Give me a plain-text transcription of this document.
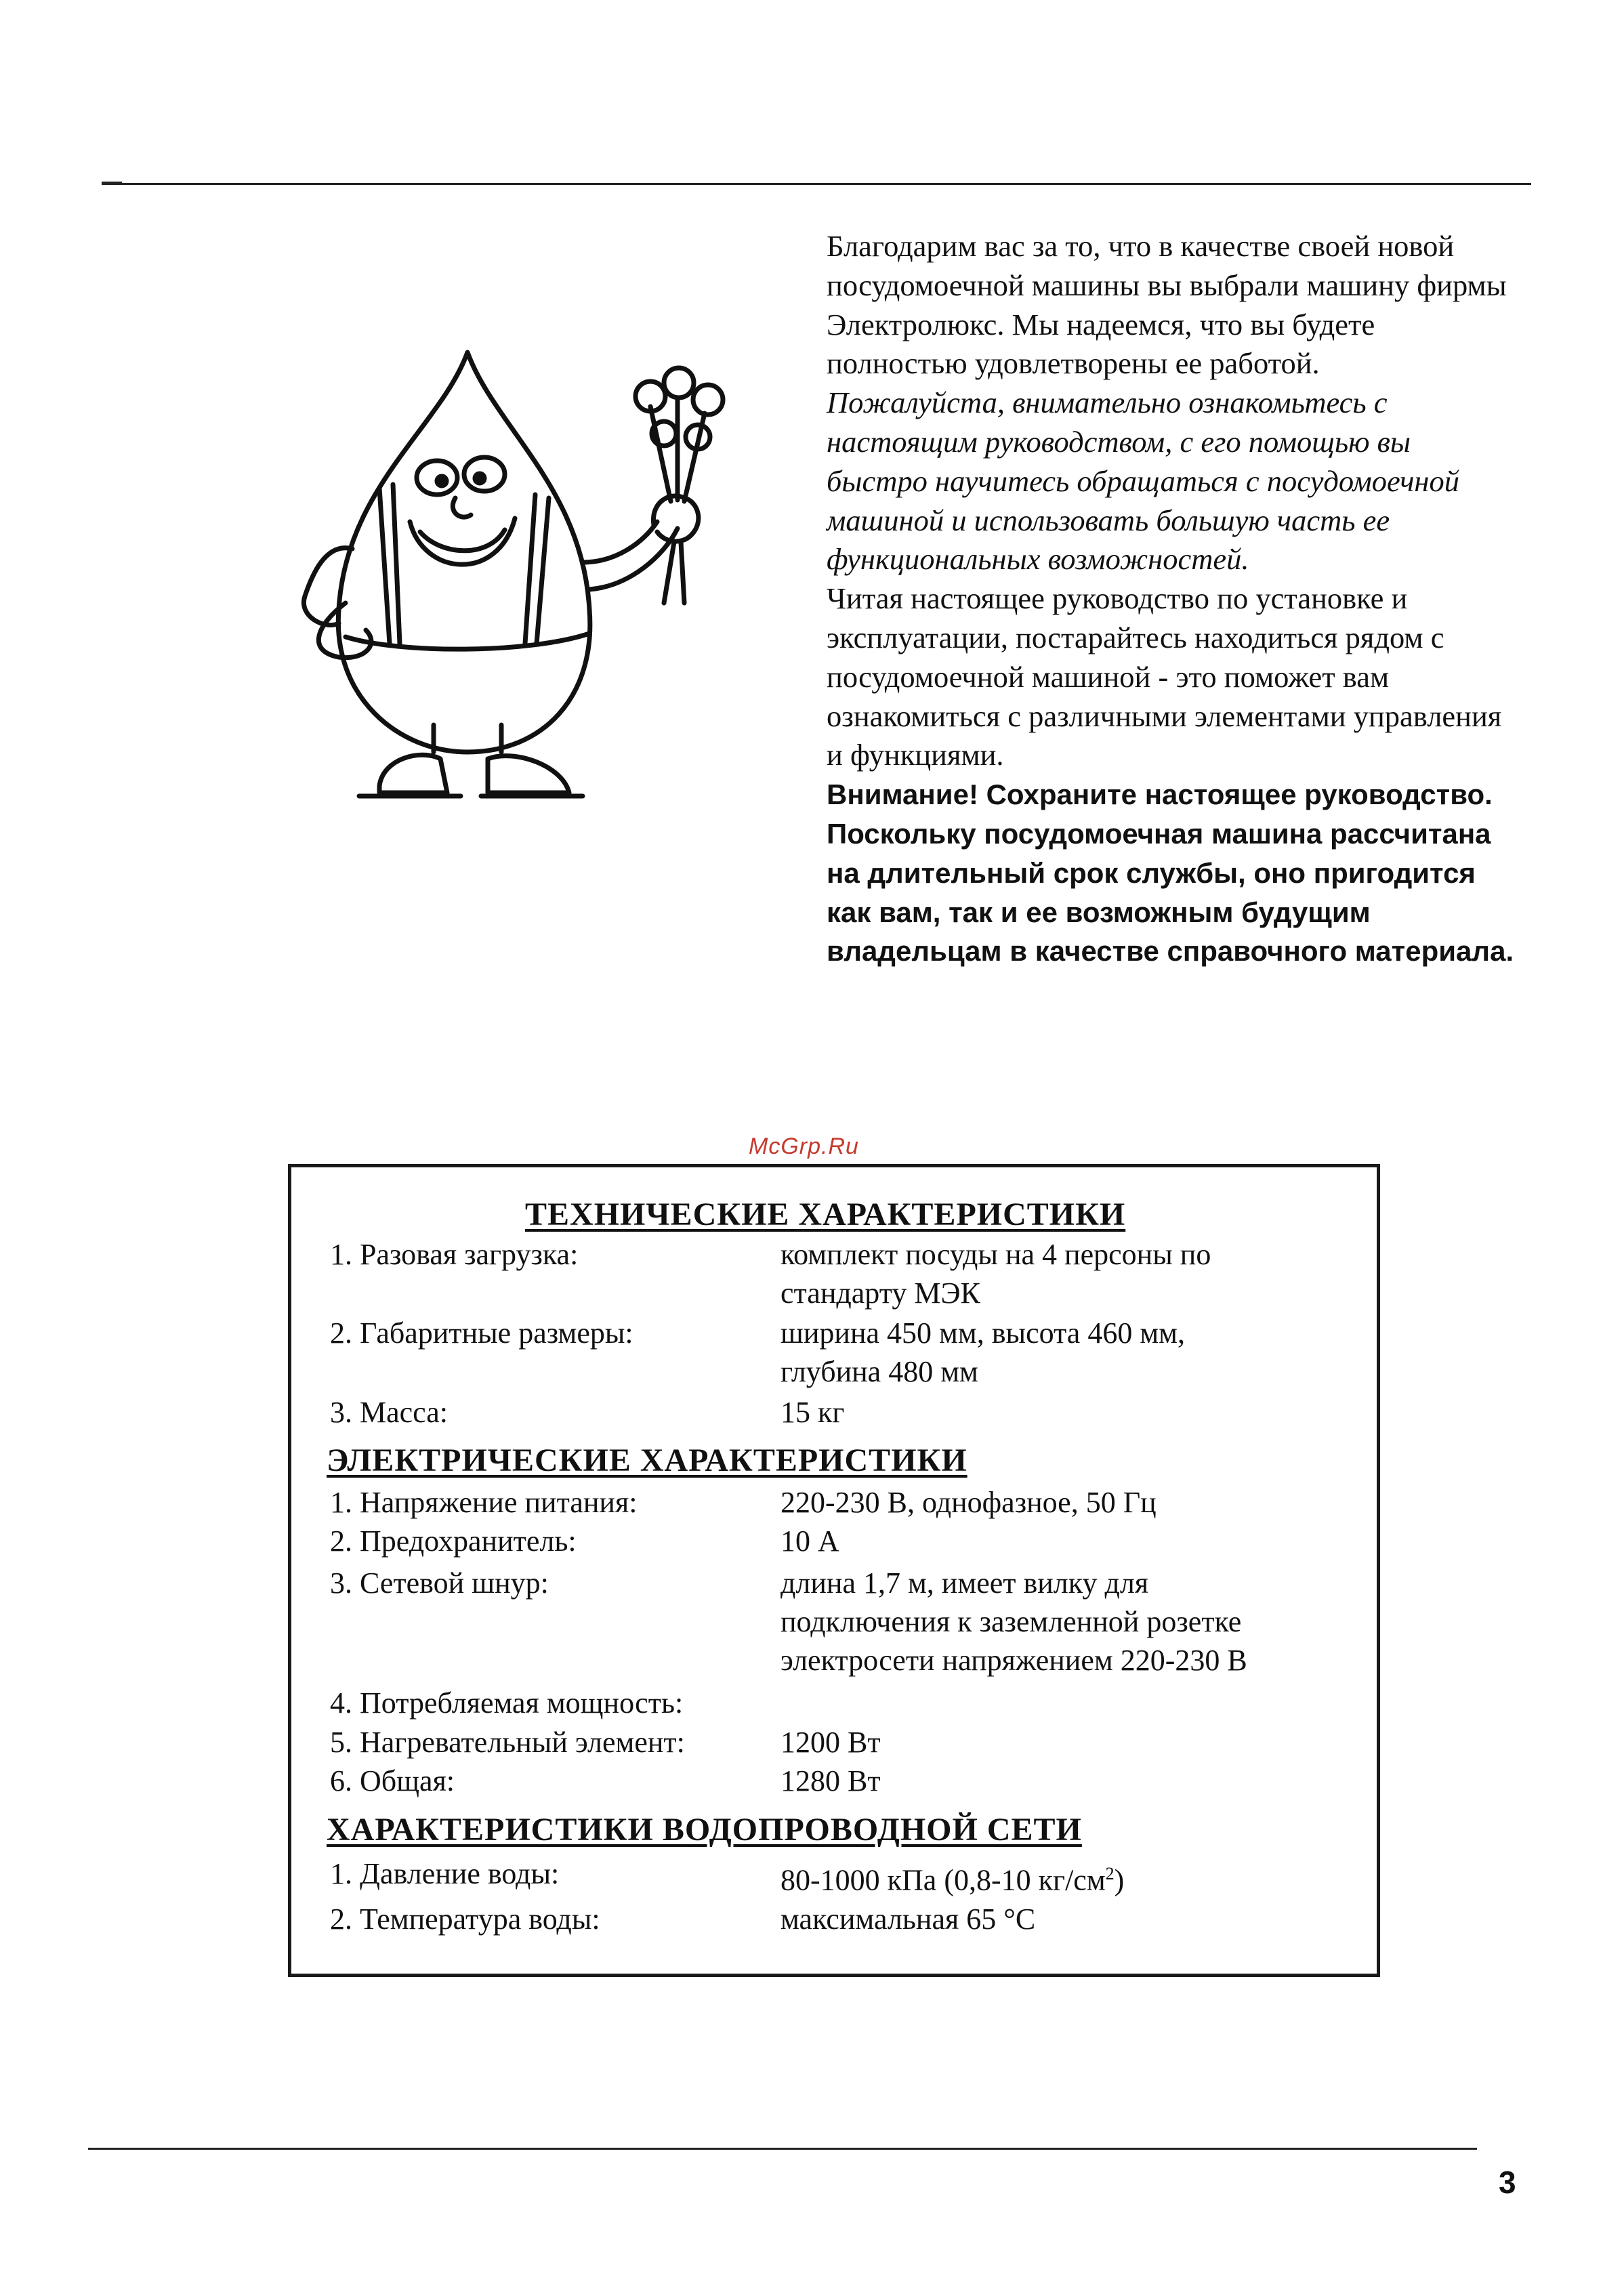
Благодарим вас за то, что в качестве своей новой посудомоечной машины вы выбрали машину фирмы Электролюкс. Мы надеемся, что вы будете полностью удовлетворены ее работой.

Пожалуйста, внимательно ознакомьтесь с настоящим руководством, с его помощью вы быстро научитесь обращаться с посудомоечной машиной и использовать большую часть ее функциональных возможностей.

Читая настоящее руководство по установке и эксплуатации, постарайтесь находиться рядом с посудомоечной машиной - это поможет вам ознакомиться с различными элементами управления и функциями.

Внимание! Сохраните настоящее руководство. Поскольку посудомоечная машина рассчитана на длительный срок службы, оно пригодится как вам, так и ее возможным будущим владельцам в качестве справочного материала.

McGrp.Ru
ТЕХНИЧЕСКИЕ ХАРАКТЕРИСТИКИ
1. Разовая загрузка:	комплект посуды на 4 персоны по
стандарту МЭК
2. Габаритные размеры:	ширина 450 мм, высота 460 мм,
глубина 480 мм
3. Масса:	15 кг
ЭЛЕКТРИЧЕСКИЕ ХАРАКТЕРИСТИКИ
1. Напряжение питания:	220-230 В, однофазное, 50 Гц
2. Предохранитель:	10 А
3. Сетевой шнур:	длина 1,7 м, имеет вилку для
подключения к заземленной розетке
электросети напряжением 220-230 В
4. Потребляемая мощность:
5. Нагревательный элемент:	1200 Вт
6. Общая:	1280 Вт
ХАРАКТЕРИСТИКИ ВОДОПРОВОДНОЙ СЕТИ
1. Давление воды:	80-1000 кПа (0,8-10 $кг/см^2$)
2. Температура воды:	максимальная 65 °С
3
